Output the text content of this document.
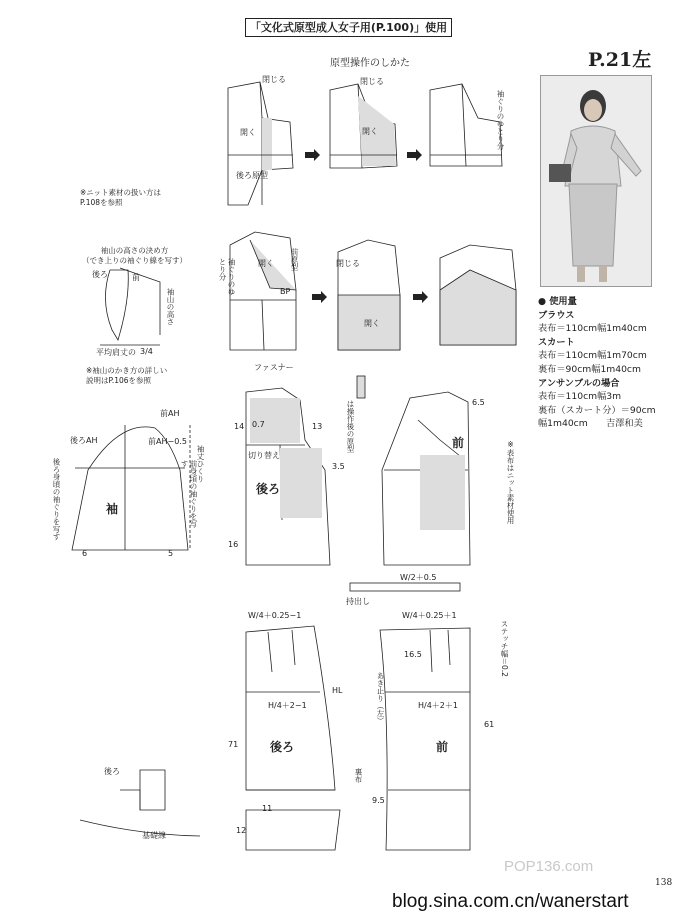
「文化式原型成人女子用(P.100)」使用
原型操作のしかた	P.21左
● 使用量
ブラウス
表布＝110cm幅1m40cm
スカート
表布＝110cm幅1m70cm
裏布＝90cm幅1m40cm
アンサンブルの場合
表布＝110cm幅3m
裏布（スカート分）＝90cm
幅1m40cm　　吉澤和美
閉じる	閉じる
開く	開く
後ろ原型
袖ぐりのゆとり分
開く
開く
閉じる
前原型
袖ぐりのゆとり分
BP
※ニット素材の扱い方は
P.108を参照
袖山の高さの決め方
（でき上りの袖ぐり線を写す）
後ろ	前
袖山の高さ
平均肩丈の 3/4
※袖山のかき方の詳しい
説明はP.106を参照
後ろAH
前AH
前AH−0.5
袖
袖丈ひくり
後ろ身頃の袖ぐりを写す	前身頃の袖ぐりを写す
6	5
ファスナー
切り替え
後ろ
前
は操作後の原型
※表布はニット素材使用
持出し
W/2＋0.5
16
13
14
3.5
0.7
6.5
W/4＋0.25−1	W/4＋0.25＋1
H/4＋2−1	H/4＋2＋1
HL
後ろ	前
あき止り（左）
裏布
ステッチ幅＝0.2
71
61
16.5
11
12
9.5
後ろ
基礎線
POP136.com
138
blog.sina.com.cn/wanerstart
